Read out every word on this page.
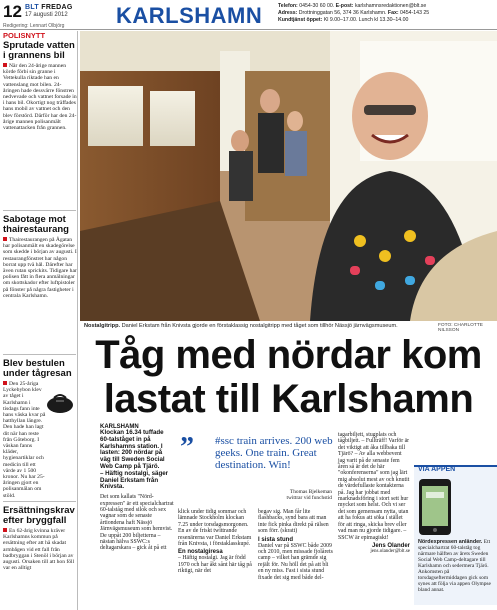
12 BLT FREDAG
17 augusti 2012 KARLSHAMN	Telefon: 0454-30 60 00. E-post: karlshamnsredaktionen@blt.se
Adress: Drottninggatan 56, 374 36 Karlshamn. Fax: 0454-143 25
Kundtjänst öppet: Kl 9.00–17.00. Lunch kl 13.30–14.00
Redigering: Lennart Olbjörg
POLISNYTT
Sprutade vatten i grannens bil
När den 24-årige mannen körde förbi sin granne i Vettekulla riktade han en vattenslang mot bilen. 24-åringen hade dessvärre fönstren nedvevade och vattnet forsade in i hans bil. Okortigt nog träffades hans mobil av vattnet och den blev förstörd. Därför har den 24-årige mannen polisanmält vattenattacken från grannen.
Sabotage mot thairestaurang
Thairestaurangen på Ågatan har polisanmält en skadegörelse som skedde i början av augusti. I restaurangfönstret har någon borrat upp tvä hål. Därefter har även rutan sprickits. Tidigare har polisen fått in flera anmälningar om skottskador efter luftpistoler på fönster på några fastigheter i centrala Karlshamn.
Blev bestulen under tågresan
Den 25-åriga Lyckebybon klev av tåget i Karlshamn i tisdags fann inte hans väska kvar på hatthyllan längre. Den hade han lagt dit när han reste från Göteborg. I väskan fanns kläder, hygienartiklar och medicin till ett värde av 1 500 kronor. Nu har 25-åringen gjort en polisanmälan om stöld.
Ersättningskrav efter bryggfall
En 62-årig kvinna kräver Karlshamns kommun på ersättning efter att hä skadat armbågen vid ett fall från badbryggan i Stenöl i början av augusti. Orsaken till att hon föll var en alltigt
Nostalgitripp. Daniel Erkstam från Knivsta gjorde en förstaklassig nostalgitripp med tåget som tillhör Nässjö järnvägsmuseum.	FOTO: CHARLOTTE NILSSON
Tåg med nördar kom
lastat till Karlshamn
KARLSHAMN
Klockan 16.34 tuffade 60-talståget in på Karlshamns station. I lasten: 200 nördar på väg till Sweden Social Web Camp på Tjärö.
– Häftig nostalgi, säger Daniel Erkstam från Knivsta.
Det som kallats "Nörd-expressen" är ett specialchartrat 60-talståg med silok och sex vagnar som de senaste årtiondena haft Nässjö Järnvägsmuseum som hemvist. De uppåt 200 biljetterna – nästan hälva SSWC:s deltagarskara – gick åt på ett
” #ssc train arrives. 200 web geeks. One train. Great destination. Win!
Thomas Bjelkeman
twittrar vid funchstid
klick under tidig sommar och lämnade Stockholm klockan 7.25 under torsdagsmorgonen. En av de friskt twittrande resenärerna var Daniel Erkstam från Knivsta, i förstaklasskupé.
En nostalgiresa
– Häftig nostalgi. Jag är född 1970 och har åkt sånt här tåg på riktigt, när det
begav sig. Man får lite flashbacks, synd bara att man inte fick pinka direkt på rälsen som förr. (skratt)
I sista stund
Daniel var på SSWC både 2009 och 2010, men missade fjolårets camp – vilket han grämde sig rejält för. Nu höll det på att bli en ny miss. Fast i sista stund fixade det sig med både del-
tagarbiljett, stugplats och tågbiljett. – Fullträff! Varför är det viktigt att åka tillbaka till Tjärö? – Av alla webbevent jag varit på de senaste fem åren så är det de här "okonferenserna" som jag lärt mig absolut mest av och knutit de värdefullaste kontakterna på. Jag har jobbat med marknadsföring i stort sett hur mycket som helst. Och vi ser det som gemensam nytta, utan att ha fokus att söka i stället för att ringa, skicka brev eller vad man nu gjorde tidigare. – SSCW är epimagiskt!
Jens Olander
jens.olander@blt.se
VIA APPEN
Nördexpressen anländer. Ett specialchartrat 60-talståg tog närmare hälften av årets Sweden Social Web Camp-deltagare till Karlshamn och sedermera Tjärö. Ankomsten på torsdagseftermiddagen gick som synes att följa via appen Olympse bland annat.
